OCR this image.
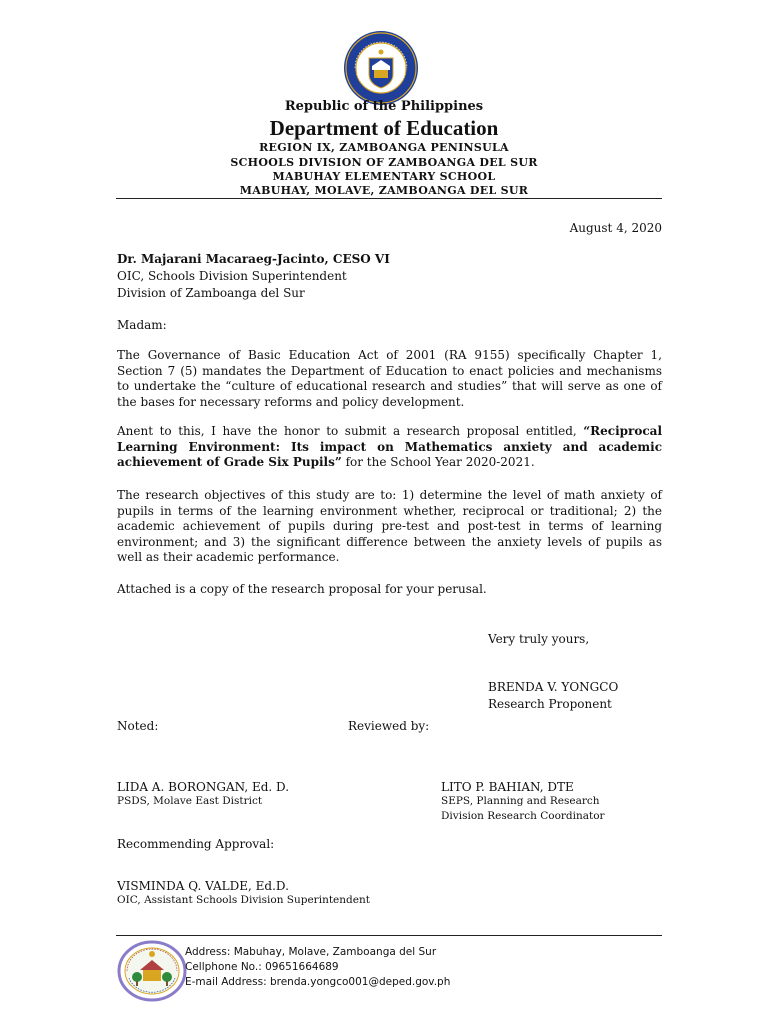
Republic of the Philippines
Department of Education
REGION IX, ZAMBOANGA PENINSULA
SCHOOLS DIVISION OF ZAMBOANGA DEL SUR
MABUHAY ELEMENTARY SCHOOL
MABUHAY, MOLAVE, ZAMBOANGA DEL SUR
August 4, 2020
Dr. Majarani Macaraeg-Jacinto, CESO VI
OIC, Schools Division Superintendent
Division of Zamboanga del Sur
Madam:
The Governance of Basic Education Act of 2001 (RA 9155) specifically Chapter 1, Section 7 (5) mandates the Department of Education to enact policies and mechanisms to undertake the “culture of educational research and studies” that will serve as one of the bases for necessary reforms and policy development.
Anent to this, I have the honor to submit a research proposal entitled, “Reciprocal Learning Environment: Its impact on Mathematics anxiety and academic achievement of Grade Six Pupils” for the School Year 2020-2021.
The research objectives of this study are to: 1) determine the level of math anxiety of pupils in terms of the learning environment whether, reciprocal or traditional; 2) the academic achievement of pupils during pre-test and post-test in terms of learning environment; and 3) the significant difference between the anxiety levels of pupils as well as their academic performance.
Attached is a copy of the research proposal for your perusal.
Very truly yours,
BRENDA V. YONGCO
Research Proponent
Noted:	Reviewed by:
LIDA A. BORONGAN, Ed. D.
PSDS, Molave East District
LITO P. BAHIAN, DTE
SEPS, Planning and Research
Division Research Coordinator
Recommending Approval:
VISMINDA Q. VALDE, Ed.D.
OIC, Assistant Schools Division Superintendent
Address: Mabuhay, Molave, Zamboanga del Sur
Cellphone No.: 09651664689
E-mail Address: brenda.yongco001@deped.gov.ph
